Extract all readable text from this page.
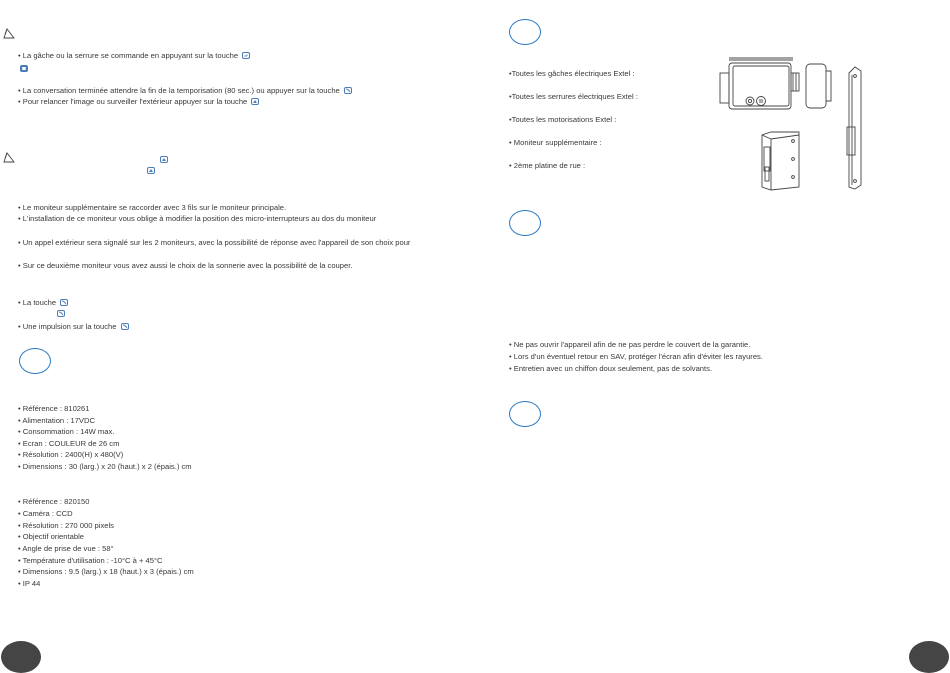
• La gâche ou la serrure se commande en appuyant sur la touche
• La conversation terminée attendre la fin de la temporisation (80 sec.) ou appuyer sur la touche
• Pour relancer l'image ou surveiller l'extérieur appuyer sur la touche
• Le moniteur supplémentaire se raccorder avec 3 fils sur le moniteur principale.
• L'installation de ce moniteur vous oblige à modifier la position des micro-interrupteurs au dos du moniteur
• Un appel extérieur sera signalé sur les 2 moniteurs, avec la possibilité de réponse avec l'appareil de son choix pour
• Sur ce deuxième moniteur vous avez aussi le choix de la sonnerie avec la possibilité de la couper.
• La touche
• Une impulsion sur la touche
• Référence : 810261
• Alimentation : 17VDC
• Consommation : 14W max.
• Ecran : COULEUR de 26 cm
• Résolution : 2400(H) x 480(V)
• Dimensions : 30 (larg.) x 20 (haut.) x 2 (épais.) cm
• Référence : 820150
• Caméra : CCD
• Résolution : 270 000 pixels
• Objectif orientable
• Angle de prise de vue : 58°
• Température d'utilisation : -10°C à + 45°C
• Dimensions : 9.5 (larg.) x 18 (haut.) x 3 (épais.) cm
• IP 44
•Toutes les gâches électriques Extel :
•Toutes les serrures électriques Extel :
•Toutes les motorisations Extel :
• Moniteur supplémentaire :
• 2ème platine de rue :
• Ne pas ouvrir l'appareil afin de ne pas perdre le couvert de la garantie.
• Lors d'un éventuel retour en SAV, protéger l'écran afin d'éviter les rayures.
• Entretien avec un chiffon doux seulement, pas de solvants.
